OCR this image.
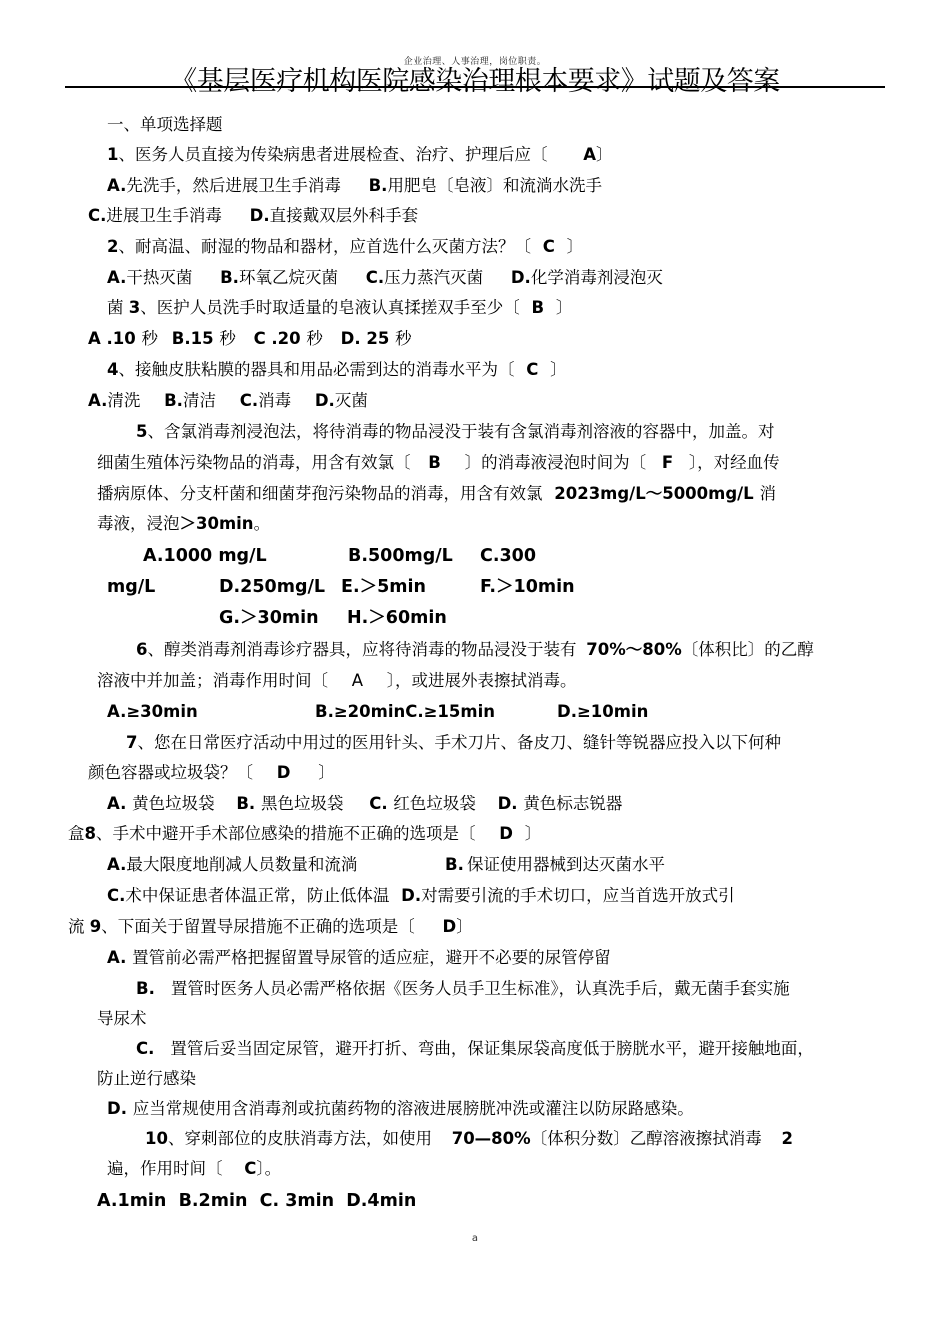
企业治理、人事治理，岗位职责。
《基层医疗机构医院感染治理根本要求》试题及答案
一、单项选择题
1、医务人员直接为传染病患者进展检查、治疗、护理后应〔 A〕
A.先洗手，然后进展卫生手消毒 B.用肥皂〔皂液〕和流淌水洗手
C.进展卫生手消毒 D.直接戴双层外科手套
2、耐高温、耐湿的物品和器材，应首选什么灭菌方法？〔 C 〕
A.干热灭菌 B.环氧乙烷灭菌 C.压力蒸汽灭菌 D.化学消毒剂浸泡灭
菌 3、医护人员洗手时取适量的皂液认真揉搓双手至少〔 B 〕
A .10 秒 B.15 秒 C .20 秒 D. 25 秒
4、接触皮肤粘膜的器具和用品必需到达的消毒水平为〔 C 〕
A.清洗 B.清洁 C.消毒 D.灭菌
5、含氯消毒剂浸泡法，将待消毒的物品浸没于装有含氯消毒剂溶液的容器中，加盖。对
细菌生殖体污染物品的消毒，用含有效氯〔 B 〕的消毒液浸泡时间为〔 F 〕，对经血传
播病原体、分支杆菌和细菌芽孢污染物品的消毒，用含有效氯 2023mg/L～5000mg/L 消
毒液，浸泡＞30min。
A.1000 mg/L	B.500mg/L C.300
mg/L	D.250mg/L E.＞5min	F.＞10min
G.＞30min H.＞60min
6、醇类消毒剂消毒诊疗器具，应将待消毒的物品浸没于装有 70%～80%〔体积比〕的乙醇
溶液中并加盖；消毒作用时间〔 A 〕，或进展外表擦拭消毒。
A.≥30min	B.≥20minC.≥15min	D.≥10min
7、您在日常医疗活动中用过的医用针头、手术刀片、备皮刀、缝针等锐器应投入以下何种
颜色容器或垃圾袋？〔 D 〕
A. 黄色垃圾袋 B. 黑色垃圾袋 C. 红色垃圾袋 D. 黄色标志锐器
盒8、手术中避开手术部位感染的措施不正确的选项是〔 D 〕
A.最大限度地削减人员数量和流淌	B. 保证使用器械到达灭菌水平
C.术中保证患者体温正常，防止低体温 D.对需要引流的手术切口，应当首选开放式引
流 9、下面关于留置导尿措施不正确的选项是〔 D〕
A. 置管前必需严格把握留置导尿管的适应症，避开不必要的尿管停留
B. 置管时医务人员必需严格依据《医务人员手卫生标准》，认真洗手后，戴无菌手套实施
导尿术
C. 置管后妥当固定尿管，避开打折、弯曲，保证集尿袋高度低于膀胱水平，避开接触地面，
防止逆行感染
D. 应当常规使用含消毒剂或抗菌药物的溶液进展膀胱冲洗或灌注以防尿路感染。
10、穿刺部位的皮肤消毒方法，如使用 70—80%〔体积分数〕乙醇溶液擦拭消毒 2
遍，作用时间〔 C〕。
A.1min  B.2min  C. 3min  D.4min
a
